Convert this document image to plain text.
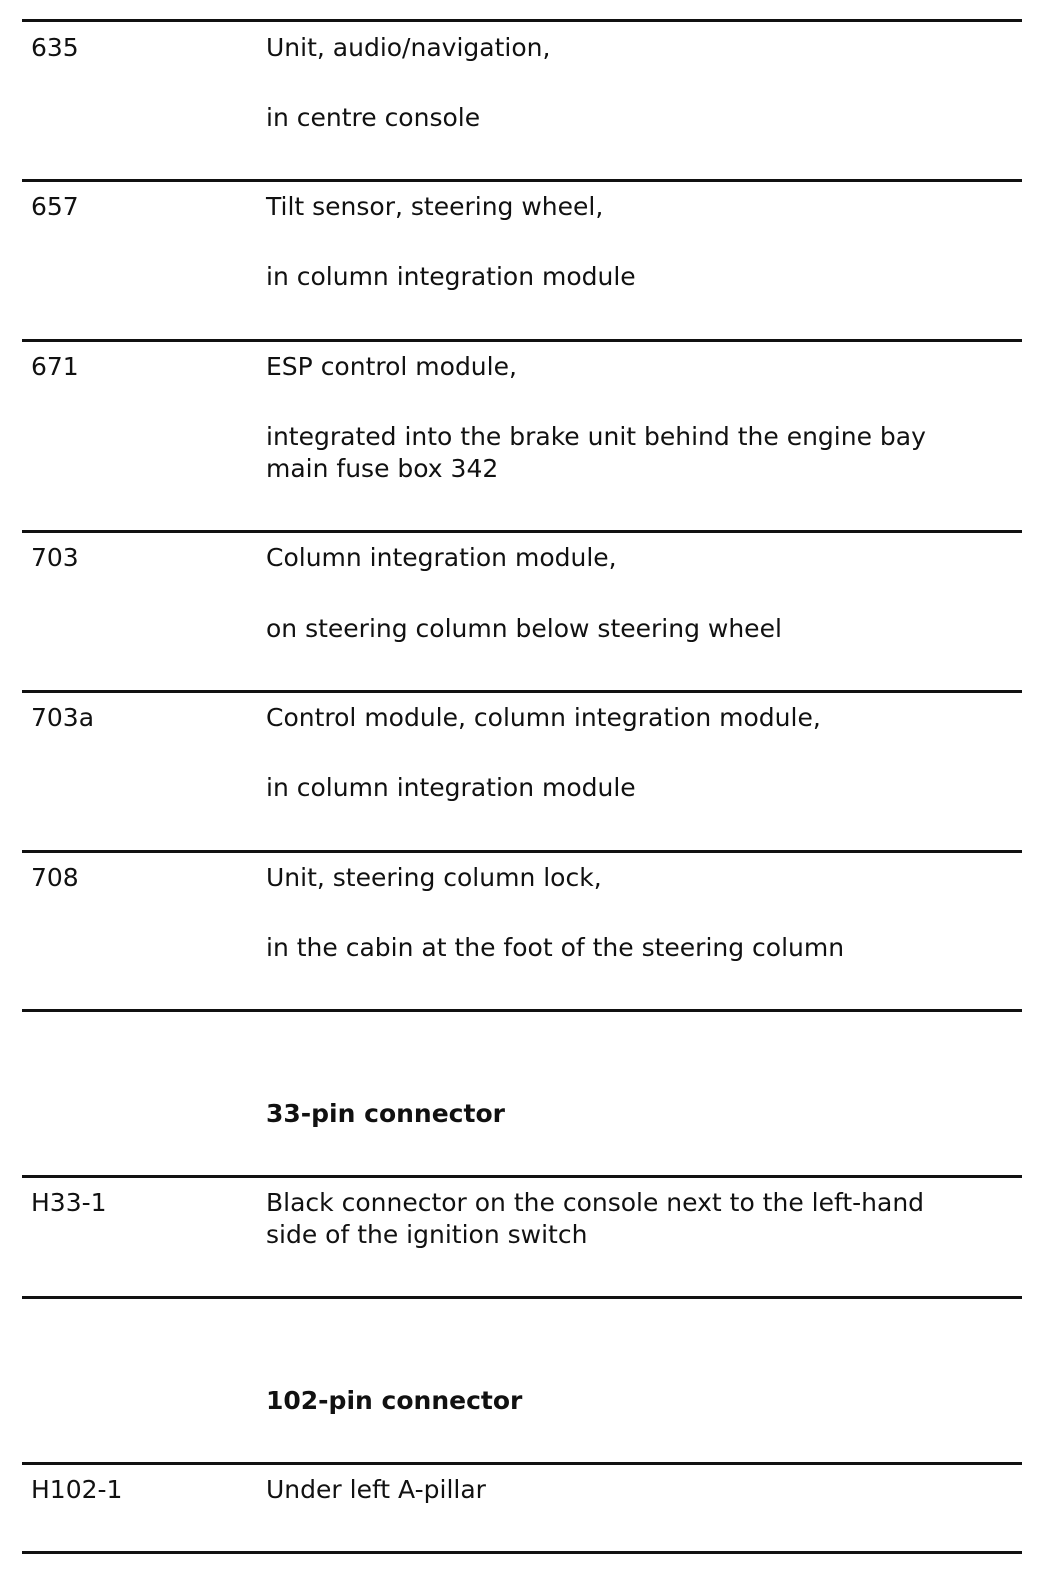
635	Unit, audio/navigation,
in centre console
657	Tilt sensor, steering wheel,
in column integration module
671	ESP control module,
integrated into the brake unit behind the engine bay
main fuse box 342
703	Column integration module,
on steering column below steering wheel
703a	Control module, column integration module,
in column integration module
708	Unit, steering column lock,
in the cabin at the foot of the steering column
33-pin connector
H33-1	Black connector on the console next to the left-hand
side of the ignition switch
102-pin connector
H102-1	Under left A-pillar
